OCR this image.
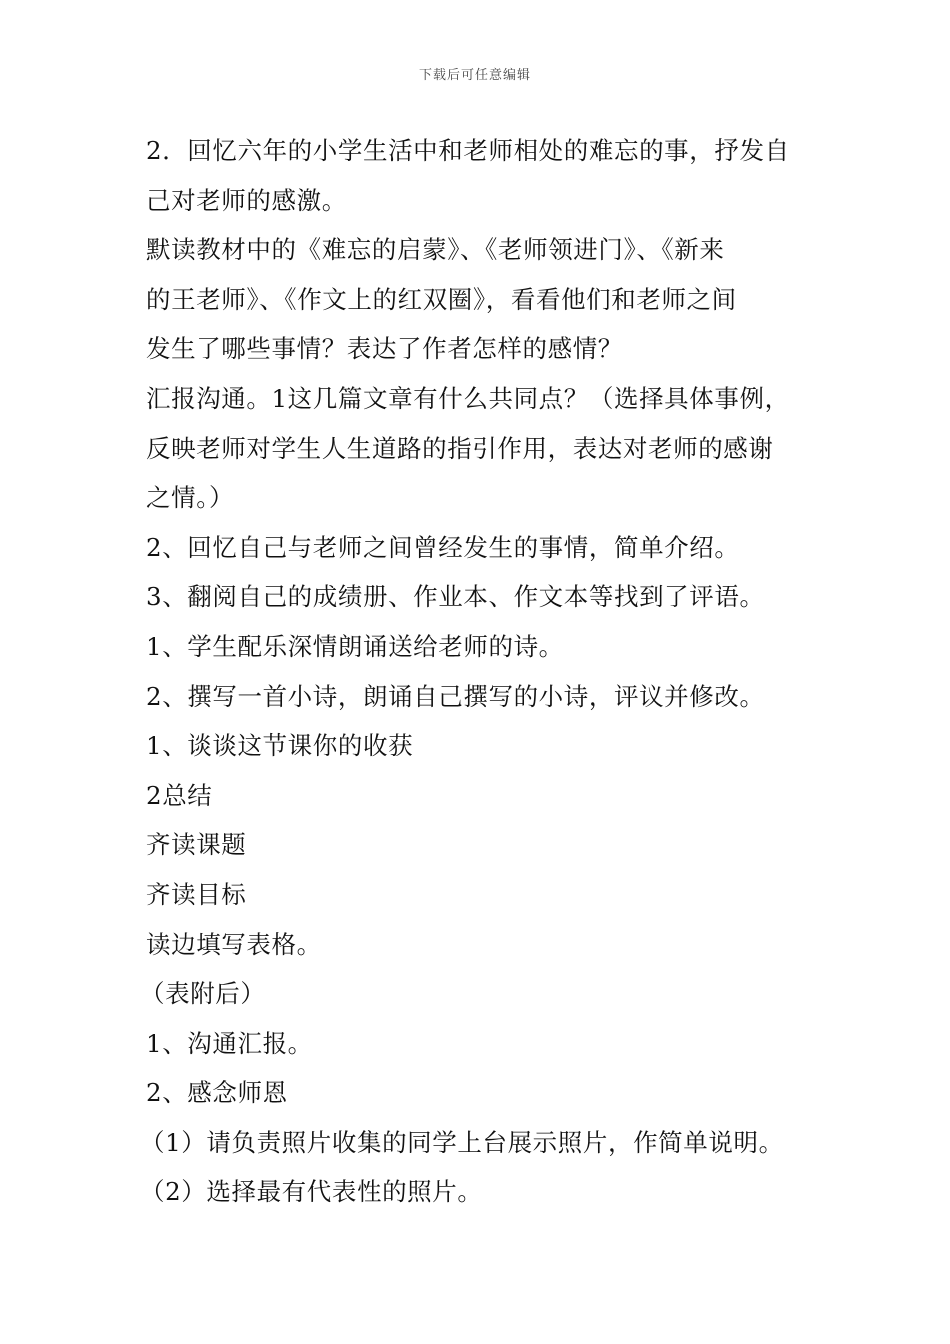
下载后可任意编辑
2．回忆六年的小学生活中和老师相处的难忘的事，抒发自
己对老师的感激。
默读教材中的《难忘的启蒙》、《老师领进门》、《新来
的王老师》、《作文上的红双圈》，看看他们和老师之间
发生了哪些事情？表达了作者怎样的感情？
汇报沟通。1这几篇文章有什么共同点？（选择具体事例，
反映老师对学生人生道路的指引作用，表达对老师的感谢
之情。）
2、回忆自己与老师之间曾经发生的事情，简单介绍。
3、翻阅自己的成绩册、作业本、作文本等找到了评语。
1、学生配乐深情朗诵送给老师的诗。
2、撰写一首小诗，朗诵自己撰写的小诗，评议并修改。
1、谈谈这节课你的收获
2总结
齐读课题
齐读目标
读边填写表格。
（表附后）
1、沟通汇报。
2、感念师恩
（1）请负责照片收集的同学上台展示照片，作简单说明。
（2）选择最有代表性的照片。
